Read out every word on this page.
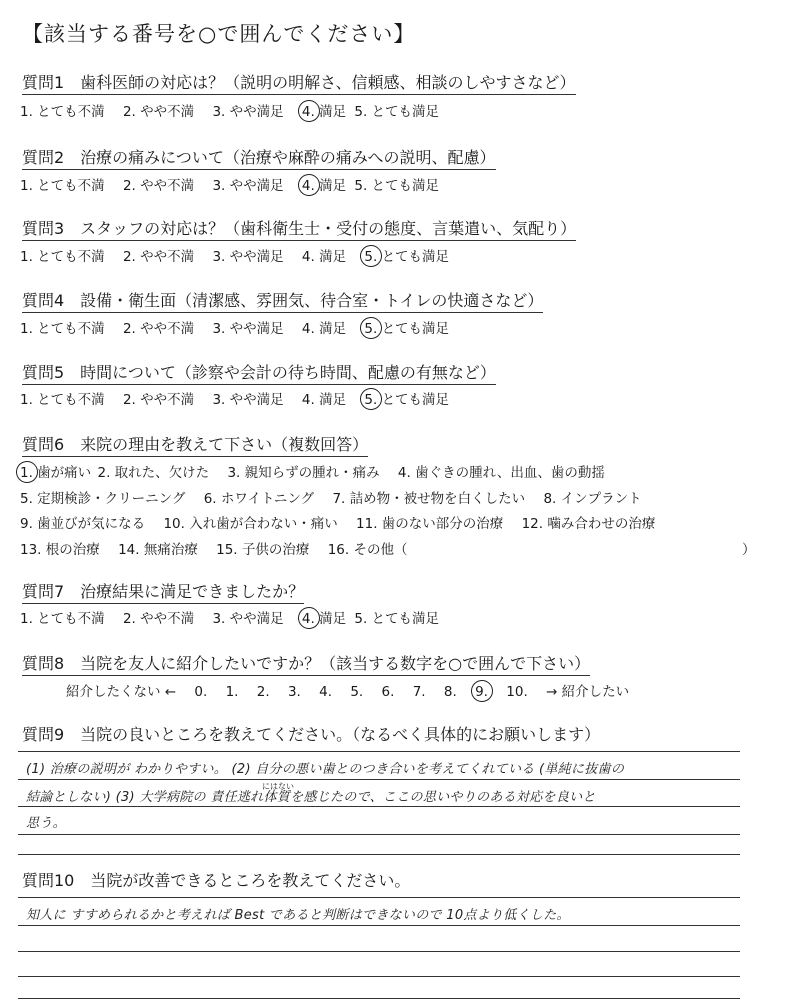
【該当する番号を○で囲んでください】
質問1　歯科医師の対応は？（説明の明解さ、信頼感、相談のしやすさなど）
1. とても不満 2. やや不満 3. やや満足 4. 満足 5. とても満足
質問2　治療の痛みについて（治療や麻酔の痛みへの説明、配慮）
1. とても不満 2. やや不満 3. やや満足 4. 満足 5. とても満足
質問3　スタッフの対応は？（歯科衛生士・受付の態度、言葉遣い、気配り）
1. とても不満 2. やや不満 3. やや満足 4. 満足 5. とても満足
質問4　設備・衛生面（清潔感、雰囲気、待合室・トイレの快適さなど）
1. とても不満 2. やや不満 3. やや満足 4. 満足 5. とても満足
質問5　時間について（診察や会計の待ち時間、配慮の有無など）
1. とても不満 2. やや不満 3. やや満足 4. 満足 5. とても満足
質問6　来院の理由を教えて下さい（複数回答）
1. 歯が痛い 2. 取れた、欠けた 3. 親知らずの腫れ・痛み 4. 歯ぐきの腫れ、出血、歯の動揺
5. 定期検診・クリーニング 6. ホワイトニング 7. 詰め物・被せ物を白くしたい 8. インプラント
9. 歯並びが気になる 10. 入れ歯が合わない・痛い 11. 歯のない部分の治療 12. 噛み合わせの治療
13. 根の治療 14. 無痛治療 15. 子供の治療 16. その他（	）
質問7　治療結果に満足できましたか？
1. とても不満 2. やや不満 3. やや満足 4. 満足 5. とても満足
質問8　当院を友人に紹介したいですか？（該当する数字を○で囲んで下さい）
紹介したくない ← 0. 1. 2. 3. 4. 5. 6. 7. 8. 9. 10. → 紹介したい
質問9　当院の良いところを教えてください。（なるべく具体的にお願いします）
(1) 治療の説明が わかりやすい。 (2) 自分の悪い歯とのつき合いを考えてくれている (単純に抜歯の
結論としない) (3) 大学病院の 責任逃れ体質を感じたので、ここの思いやりのある対応を良いと
にはない
思う。
質問10　当院が改善できるところを教えてください。
知人に すすめられるかと考えれば Best であると判断はできないので 10点より低くした。
